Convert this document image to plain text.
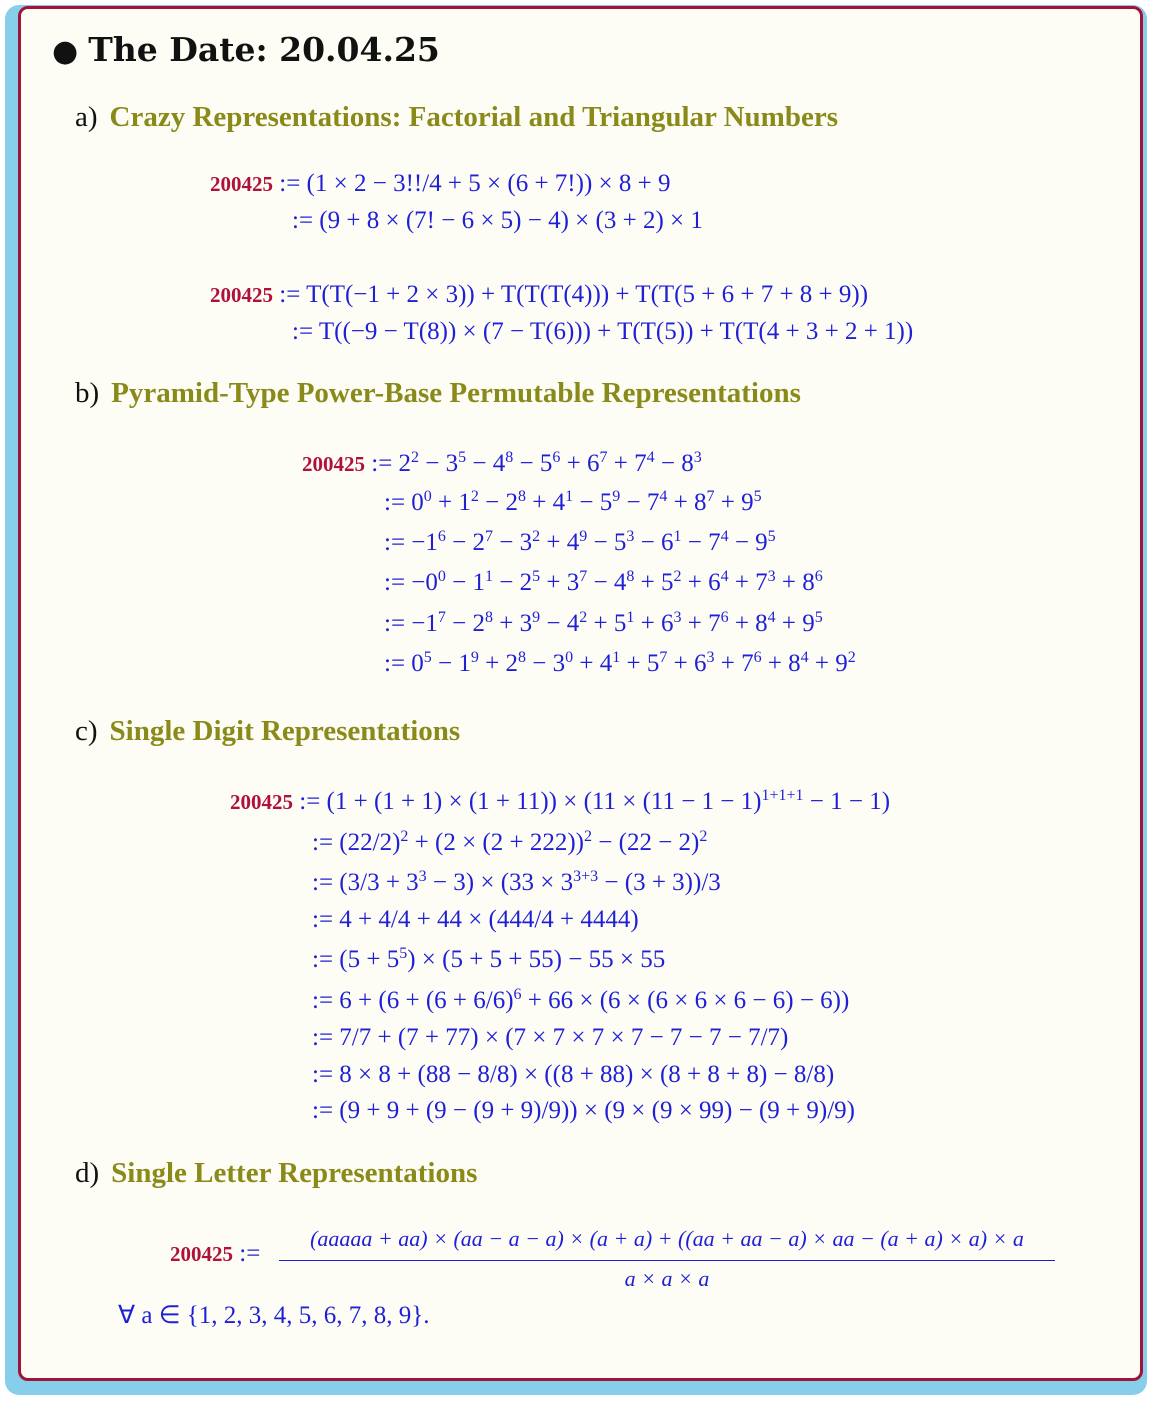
● The Date: 20.04.25
a) Crazy Representations: Factorial and Triangular Numbers
b) Pyramid-Type Power-Base Permutable Representations
c) Single Digit Representations
d) Single Letter Representations
200425 := (1 × 2 − 3!!/4 + 5 × (6 + 7!)) × 8 + 9
:= (9 + 8 × (7! − 6 × 5) − 4) × (3 + 2) × 1
200425 := T(T(−1 + 2 × 3)) + T(T(T(4))) + T(T(5 + 6 + 7 + 8 + 9))
:= T((−9 − T(8)) × (7 − T(6))) + T(T(5)) + T(T(4 + 3 + 2 + 1))
200425 := $2^2 - 3^5 - 4^8 - 5^6 + 6^7 + 7^4 - 8^3$
:= $0^0 + 1^2 - 2^8 + 4^1 - 5^9 - 7^4 + 8^7 + 9^5$
:= $-1^6 - 2^7 - 3^2 + 4^9 - 5^3 - 6^1 - 7^4 - 9^5$
:= $-0^0 - 1^1 - 2^5 + 3^7 - 4^8 + 5^2 + 6^4 + 7^3 + 8^6$
:= $-1^7 - 2^8 + 3^9 - 4^2 + 5^1 + 6^3 + 7^6 + 8^4 + 9^5$
:= $0^5 - 1^9 + 2^8 - 3^0 + 4^1 + 5^7 + 6^3 + 7^6 + 8^4 + 9^2$
200425 := $(1 + (1 + 1) \times (1 + 11)) \times (11 \times (11 - 1 - 1)^{1+1+1} - 1 - 1)$
:= $(22/2)^2 + (2 \times (2 + 222))^2 - (22 - 2)^2$
:= $(3/3 + 3^3 - 3) \times (33 \times 3^{3+3} - (3 + 3))/3$
:= 4 + 4/4 + 44 × (444/4 + 4444)
:= $(5 + 5^5) \times (5 + 5 + 55) - 55 \times 55$
:= $6 + (6 + (6 + 6/6)^6 + 66 \times (6 \times (6 \times 6 \times 6 - 6) - 6))$
:= 7/7 + (7 + 77) × (7 × 7 × 7 × 7 − 7 − 7 − 7/7)
:= 8 × 8 + (88 − 8/8) × ((8 + 88) × (8 + 8 + 8) − 8/8)
:= (9 + 9 + (9 − (9 + 9)/9)) × (9 × (9 × 99) − (9 + 9)/9)
200425 :=
(aaaaa + aa) × (aa − a − a) × (a + a) + ((aa + aa − a) × aa − (a + a) × a) × a
a × a × a
∀ a ∈ {1, 2, 3, 4, 5, 6, 7, 8, 9}.
